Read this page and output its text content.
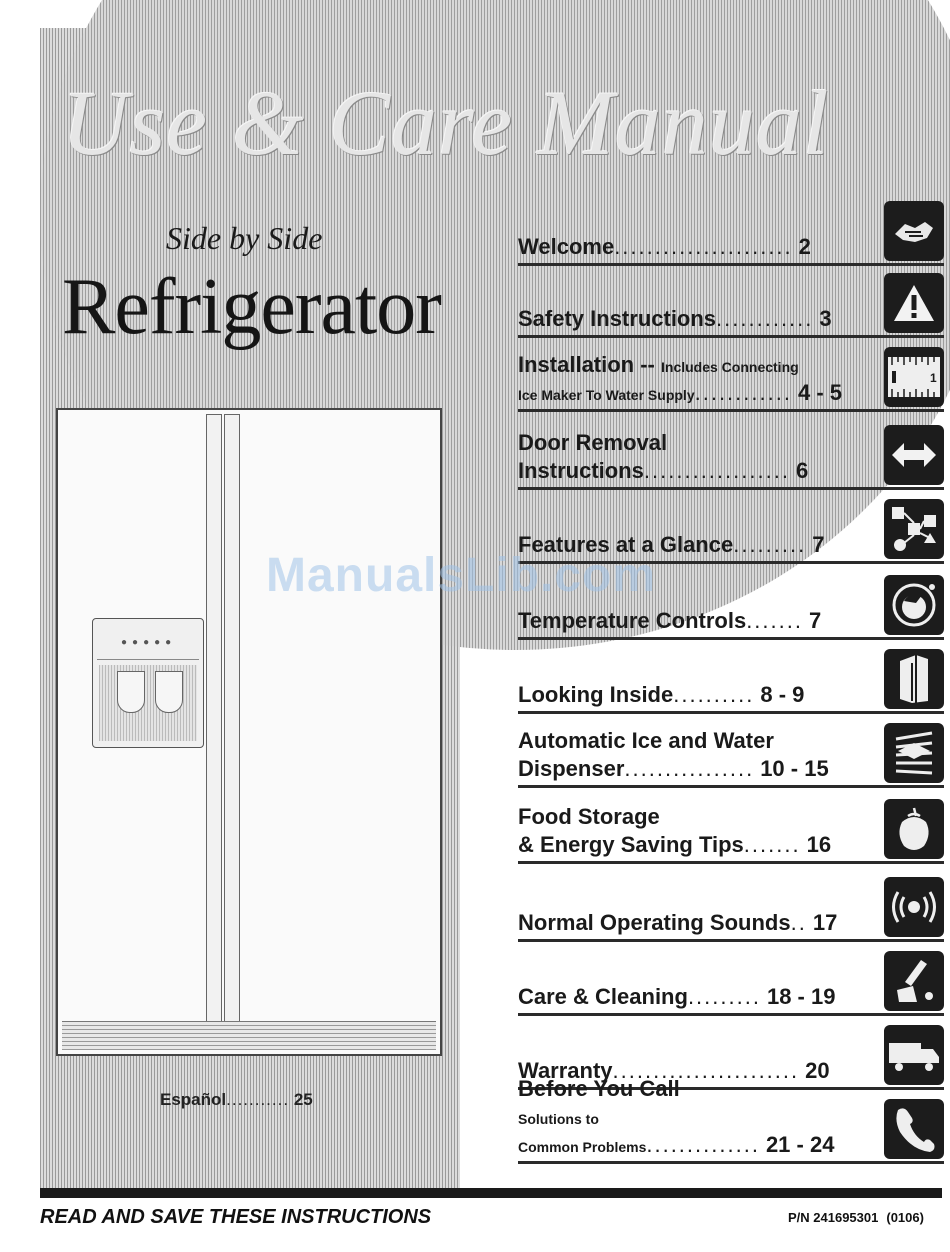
Use & Care Manual
Side by Side
Refrigerator
●●●●●
Español........... 25
Welcome...................... 2
Safety Instructions............ 3
Installation -- Includes Connecting
Ice Maker To Water Supply............ 4 - 5
1
Door Removal
Instructions.................. 6
Features at a Glance......... 7
Temperature Controls....... 7
Looking Inside.......... 8 - 9
Automatic Ice and Water
Dispenser................ 10 - 15
Food Storage
& Energy Saving Tips....... 16
Normal Operating Sounds.. 17
Care & Cleaning......... 18 - 19
Warranty....................... 20
Before You Call
Solutions to
Common Problems.............. 21 - 24
ManualsLib.com
READ AND SAVE THESE INSTRUCTIONS	P/N 241695301 (0106)
